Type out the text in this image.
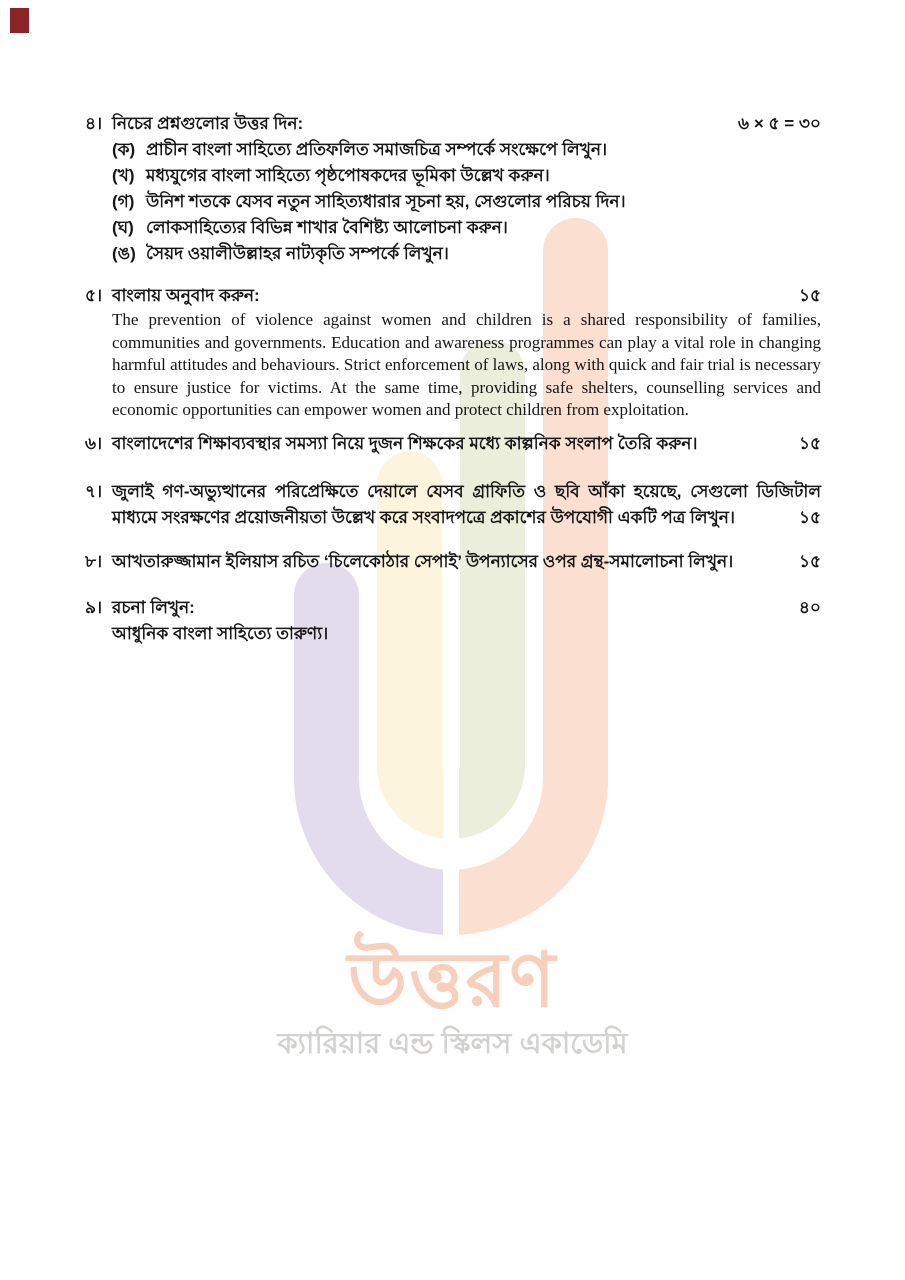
উত্তরণ
ক্যারিয়ার এন্ড স্কিলস একাডেমি
৪। নিচের প্রশ্নগুলোর উত্তর দিন:	৬ × ৫ = ৩০
(ক) প্রাচীন বাংলা সাহিত্যে প্রতিফলিত সমাজচিত্র সম্পর্কে সংক্ষেপে লিখুন।
(খ) মধ্যযুগের বাংলা সাহিত্যে পৃষ্ঠপোষকদের ভূমিকা উল্লেখ করুন।
(গ) উনিশ শতকে যেসব নতুন সাহিত্যধারার সূচনা হয়, সেগুলোর পরিচয় দিন।
(ঘ) লোকসাহিত্যের বিভিন্ন শাখার বৈশিষ্ট্য আলোচনা করুন।
(ঙ) সৈয়দ ওয়ালীউল্লাহর নাট্যকৃতি সম্পর্কে লিখুন।
৫। বাংলায় অনুবাদ করুন:	১৫
The prevention of violence against women and children is a shared responsibility of families, communities and governments. Education and awareness programmes can play a vital role in changing harmful attitudes and behaviours. Strict enforcement of laws, along with quick and fair trial is necessary to ensure justice for victims. At the same time, providing safe shelters, counselling services and economic opportunities can empower women and protect children from exploitation.
৬। বাংলাদেশের শিক্ষাব্যবস্থার সমস্যা নিয়ে দুজন শিক্ষকের মধ্যে কাল্পনিক সংলাপ তৈরি করুন।	১৫
৭। জুলাই গণ-অভ্যুত্থানের পরিপ্রেক্ষিতে দেয়ালে যেসব গ্রাফিতি ও ছবি আঁকা হয়েছে, সেগুলো ডিজিটাল মাধ্যমে সংরক্ষণের প্রয়োজনীয়তা উল্লেখ করে সংবাদপত্রে প্রকাশের উপযোগী একটি পত্র লিখুন।	১৫
৮। আখতারুজ্জামান ইলিয়াস রচিত ‘চিলেকোঠার সেপাই’ উপন্যাসের ওপর গ্রন্থ-সমালোচনা লিখুন।	১৫
৯। রচনা লিখুন:	৪০
আধুনিক বাংলা সাহিত্যে তারুণ্য।
